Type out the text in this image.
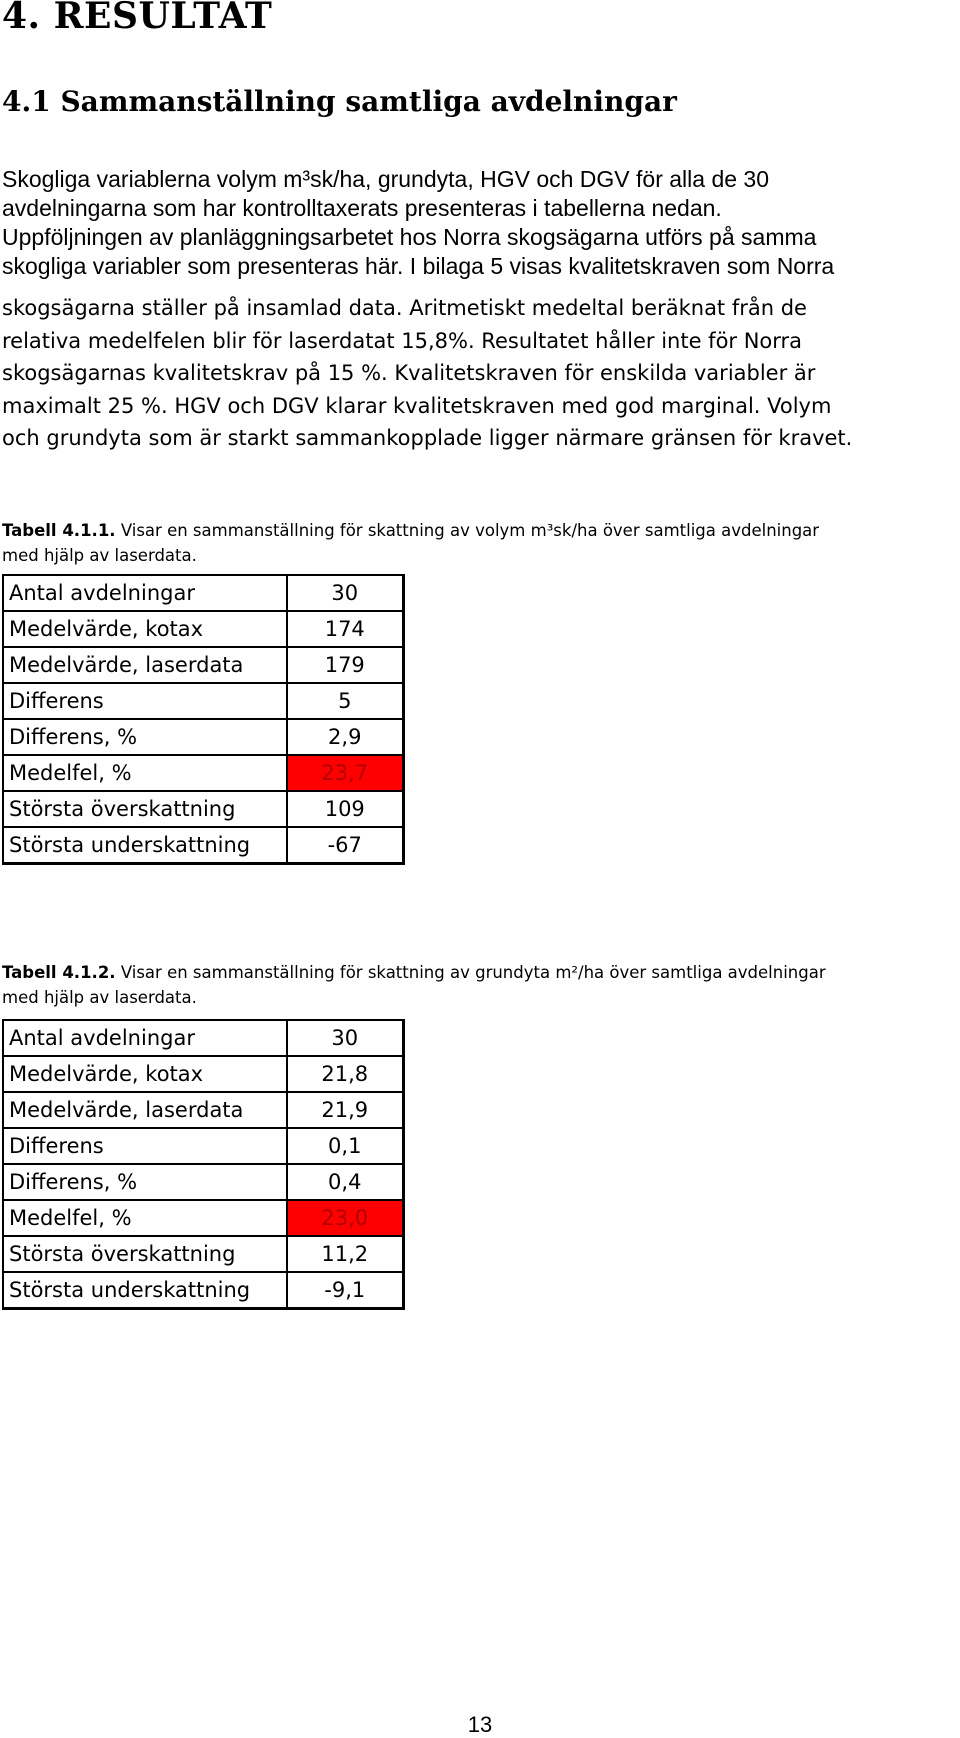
4. RESULTAT
4.1 Sammanställning samtliga avdelningar
Skogliga variablerna volym m³sk/ha, grundyta, HGV och DGV för alla de 30
avdelningarna som har kontrolltaxerats presenteras i tabellerna nedan.
Uppföljningen av planläggningsarbetet hos Norra skogsägarna utförs på samma
skogliga variabler som presenteras här. I bilaga 5 visas kvalitetskraven som Norra
skogsägarna ställer på insamlad data. Aritmetiskt medeltal beräknat från de
relativa medelfelen blir för laserdatat 15,8%. Resultatet håller inte för Norra
skogsägarnas kvalitetskrav på 15 %. Kvalitetskraven för enskilda variabler är
maximalt 25 %. HGV och DGV klarar kvalitetskraven med god marginal. Volym
och grundyta som är starkt sammankopplade ligger närmare gränsen för kravet.
Tabell 4.1.1. Visar en sammanställning för skattning av volym m³sk/ha över samtliga avdelningar
med hjälp av laserdata.
Antal avdelningar	30
Medelvärde, kotax	174
Medelvärde, laserdata	179
Differens	5
Differens, %	2,9
Medelfel, %	23,7
Största överskattning	109
Största underskattning	-67
Tabell 4.1.2. Visar en sammanställning för skattning av grundyta m²/ha över samtliga avdelningar
med hjälp av laserdata.
Antal avdelningar	30
Medelvärde, kotax	21,8
Medelvärde, laserdata	21,9
Differens	0,1
Differens, %	0,4
Medelfel, %	23,0
Största överskattning	11,2
Största underskattning	-9,1
13
